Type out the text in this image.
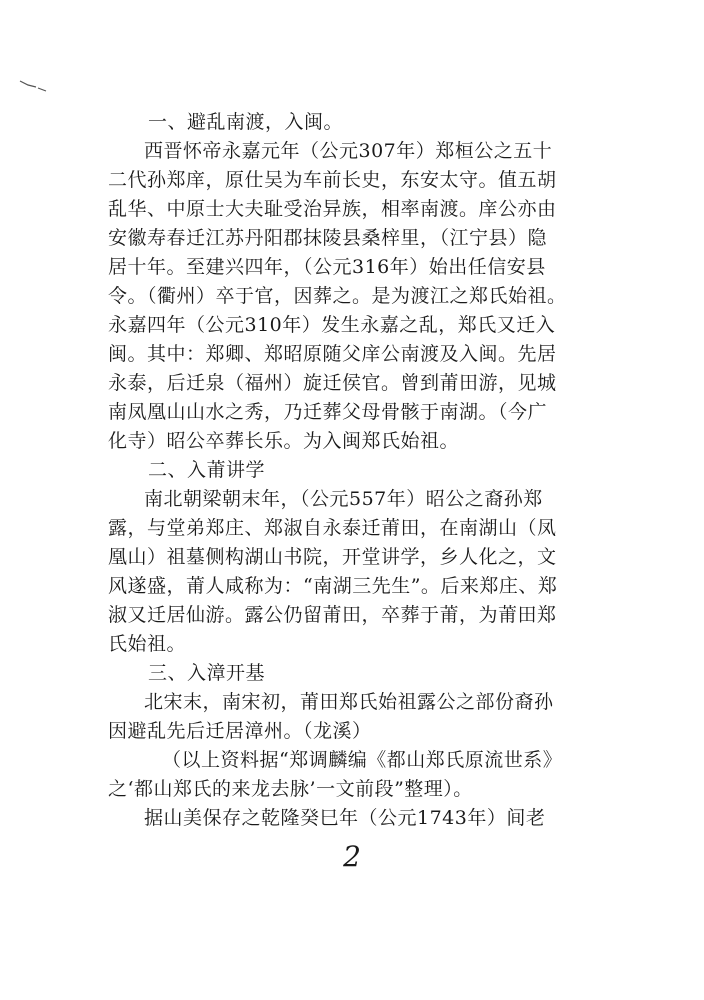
一、避乱南渡，入闽。
西晋怀帝永嘉元年（公元307年）郑桓公之五十
二代孙郑庠，原仕吴为车前长史，东安太守。值五胡
乱华、中原士大夫耻受治异族，相率南渡。庠公亦由
安徽寿春迁江苏丹阳郡抹陵县桑梓里，（江宁县）隐
居十年。至建兴四年，（公元316年）始出任信安县
令。（衢州）卒于官，因葬之。是为渡江之郑氏始祖。
永嘉四年（公元310年）发生永嘉之乱，郑氏又迁入
闽。其中：郑卿、郑昭原随父庠公南渡及入闽。先居
永泰，后迁泉（福州）旋迁侯官。曾到莆田游，见城
南凤凰山山水之秀，乃迁葬父母骨骸于南湖。（今广
化寺）昭公卒葬长乐。为入闽郑氏始祖。
二、入莆讲学
南北朝梁朝末年，（公元557年）昭公之裔孙郑
露，与堂弟郑庄、郑淑自永泰迁莆田，在南湖山（凤
凰山）祖墓侧构湖山书院，开堂讲学，乡人化之，文
风遂盛，莆人咸称为：“南湖三先生”。后来郑庄、郑
淑又迁居仙游。露公仍留莆田，卒葬于莆，为莆田郑
氏始祖。
三、入漳开基
北宋末，南宋初，莆田郑氏始祖露公之部份裔孙
因避乱先后迁居漳州。（龙溪）
（以上资料据“郑调麟编《都山郑氏原流世系》
之‘都山郑氏的来龙去脉’一文前段”整理）。
据山美保存之乾隆癸巳年（公元1743年）间老
2
